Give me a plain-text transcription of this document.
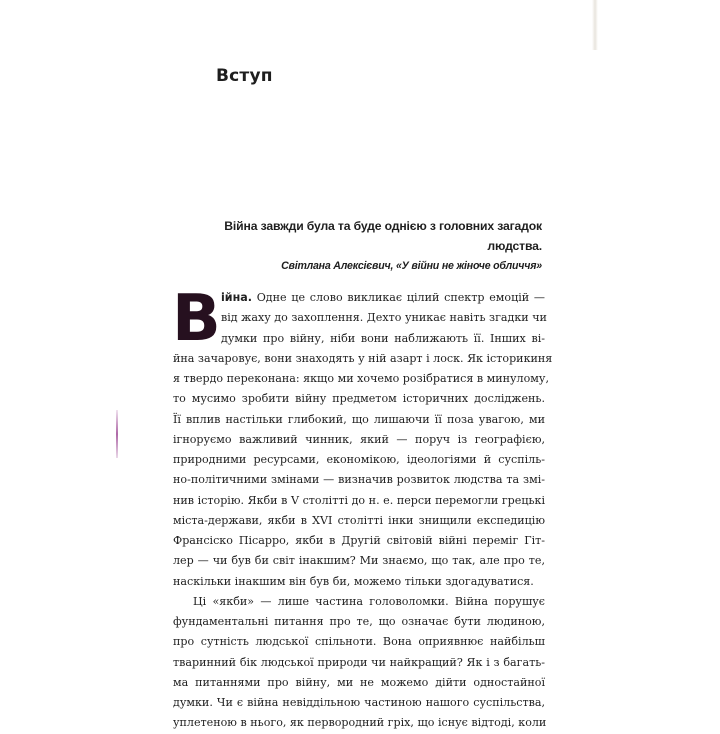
Вступ
Війна завжди була та буде однією з головних загадок людства.
Світлана Алексієвич, «У війни не жіноче обличчя»
В ійна. Одне це слово викликає цілий спектр емоцій —
від жаху до захоплення. Дехто уникає навіть згадки чи
думки про війну, ніби вони наближають її. Інших ві-
йна зачаровує, вони знаходять у ній азарт і лоск. Як історикиня
я твердо переконана: якщо ми хочемо розібратися в минулому,
то мусимо зробити війну предметом історичних досліджень.
Її вплив настільки глибокий, що лишаючи її поза увагою, ми
ігноруємо важливий чинник, який — поруч із географією,
природними ресурсами, економікою, ідеологіями й суспіль-
но-політичними змінами — визначив розвиток людства та змі-
нив історію. Якби в V столітті до н. е. перси перемогли грецькі
міста-держави, якби в XVI столітті інки знищили експедицію
Франсіско Пісарро, якби в Другій світовій війні переміг Гіт-
лер — чи був би світ інакшим? Ми знаємо, що так, але про те,
наскільки інакшим він був би, можемо тільки здогадуватися.
Ці «якби» — лише частина головоломки. Війна порушує
фундаментальні питання про те, що означає бути людиною,
про сутність людської спільноти. Вона оприявнює найбільш
тваринний бік людської природи чи найкращий? Як і з багать-
ма питаннями про війну, ми не можемо дійти одностайної
думки. Чи є війна невіддільною частиною нашого суспільства,
уплетеною в нього, як первородний гріх, що існує відтоді, коли
